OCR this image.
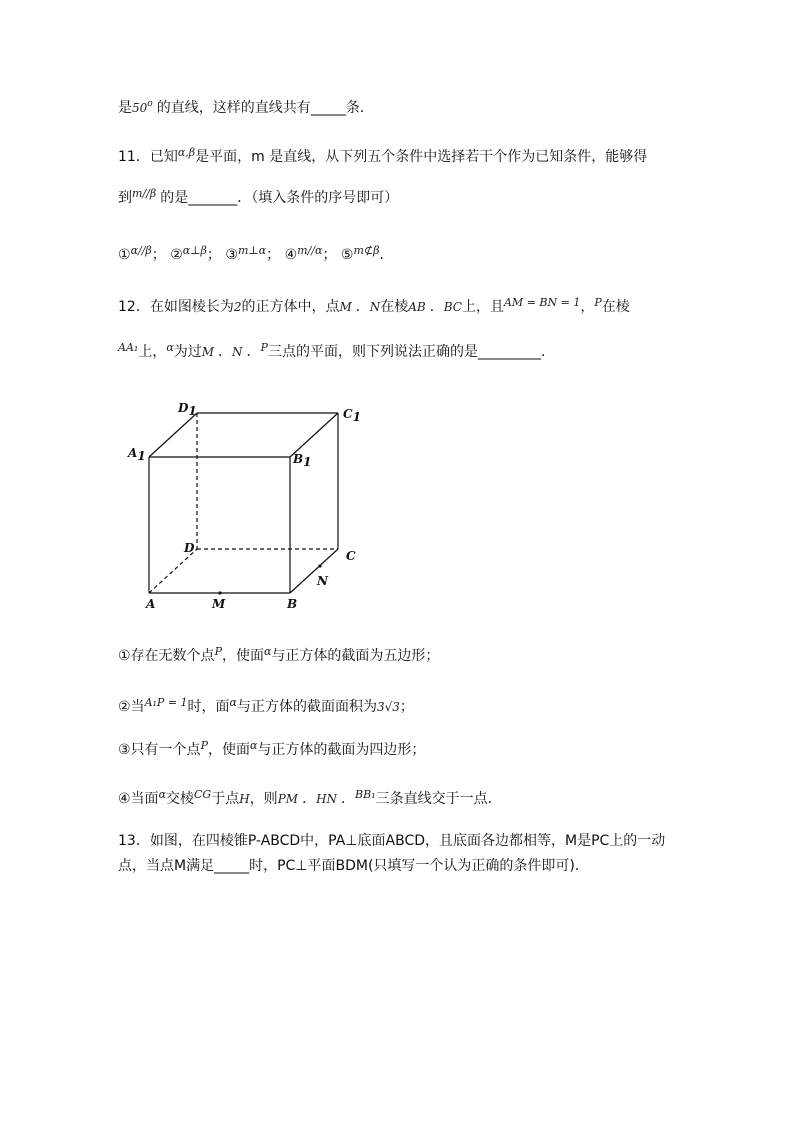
是50$^o$ 的直线，这样的直线共有_____条．
11．已知$^{\alpha,\beta}$是平面，m 是直线，从下列五个条件中选择若干个作为已知条件，能够得
到$^{m//\beta}$ 的是_______．（填入条件的序号即可）
①$^{\alpha//\beta}$； ②$^{\alpha\perp\beta}$； ③$^{m\perp\alpha}$； ④$^{m//\alpha}$； ⑤$^{m⊄\beta}$．
12．在如图棱长为2的正方体中，点M ．N在棱AB ．BC上，且$^{AM = BN = 1}$，$^P$在棱
$^{AA_1}$上，$^\alpha$为过M ．N ．$^P$三点的平面，则下列说法正确的是_________．
D1	C1
A1	B1
D
C
A	M	B
N
①存在无数个点$^P$，使面$^\alpha$与正方体的截面为五边形；
②当$^{A_1P = 1}$时，面$^\alpha$与正方体的截面面积为3√3；
③只有一个点$^P$，使面$^\alpha$与正方体的截面为四边形；
④当面$^\alpha$交棱$^{CG}$于点H，则PM ．HN ．$^{BB_1}$三条直线交于一点．
13．如图，在四棱锥P-ABCD中，PA⊥底面ABCD，且底面各边都相等，M是PC上的一动
点，当点M满足_____时，PC⊥平面BDM(只填写一个认为正确的条件即可)．
